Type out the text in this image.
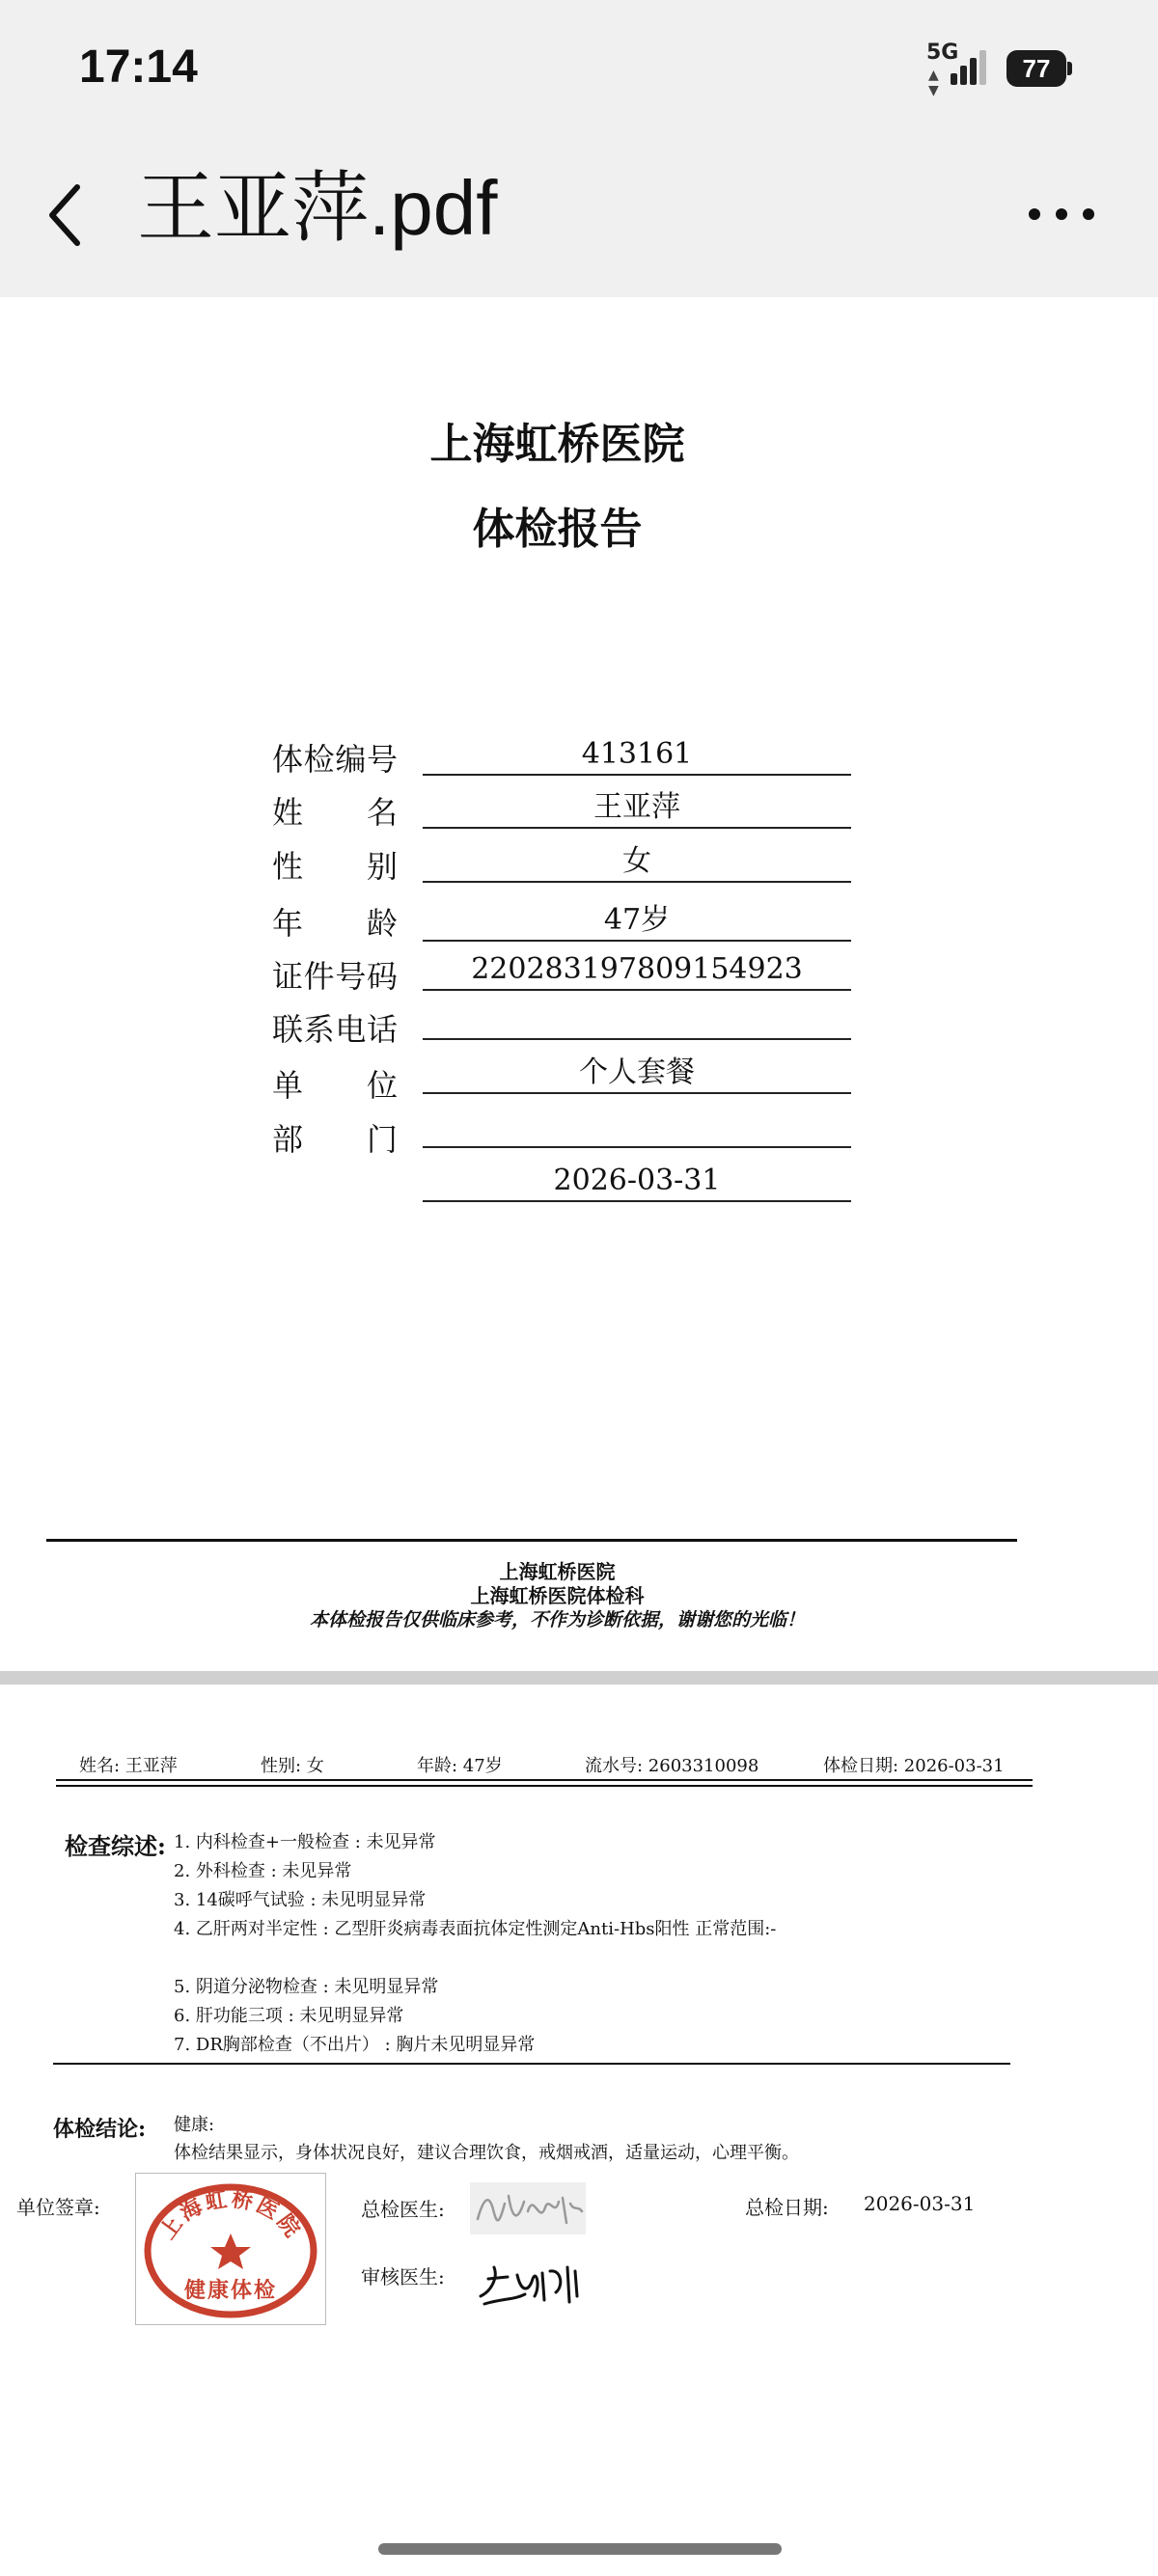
17:14	5G
▲
▼
77
王亚萍.pdf
上海虹桥医院
体检报告
体检编号	413161
姓名	王亚萍
性别	女
年龄	47岁
证件号码	220283197809154923
联系电话
单位	个人套餐
部门
2026-03-31
上海虹桥医院
上海虹桥医院体检科
本体检报告仅供临床参考，不作为诊断依据，谢谢您的光临！
姓名: 王亚萍	性别: 女	年龄: 47岁	流水号: 2603310098	体检日期: 2026-03-31
检查综述: 1. 内科检查+一般检查 : 未见异常
2. 外科检查 : 未见异常
3. 14碳呼气试验 : 未见明显异常
4. 乙肝两对半定性 : 乙型肝炎病毒表面抗体定性测定Anti-Hbs阳性 正常范围:-
5. 阴道分泌物检查 : 未见明显异常
6. 肝功能三项 : 未见明显异常
7. DR胸部检查（不出片） : 胸片未见明显异常
体检结论: 健康:
体检结果显示，身体状况良好，建议合理饮食，戒烟戒酒，适量运动，心理平衡。
单位签章:
上海虹桥医院
健康体检
总检医生:
审核医生:
总检日期: 2026-03-31
